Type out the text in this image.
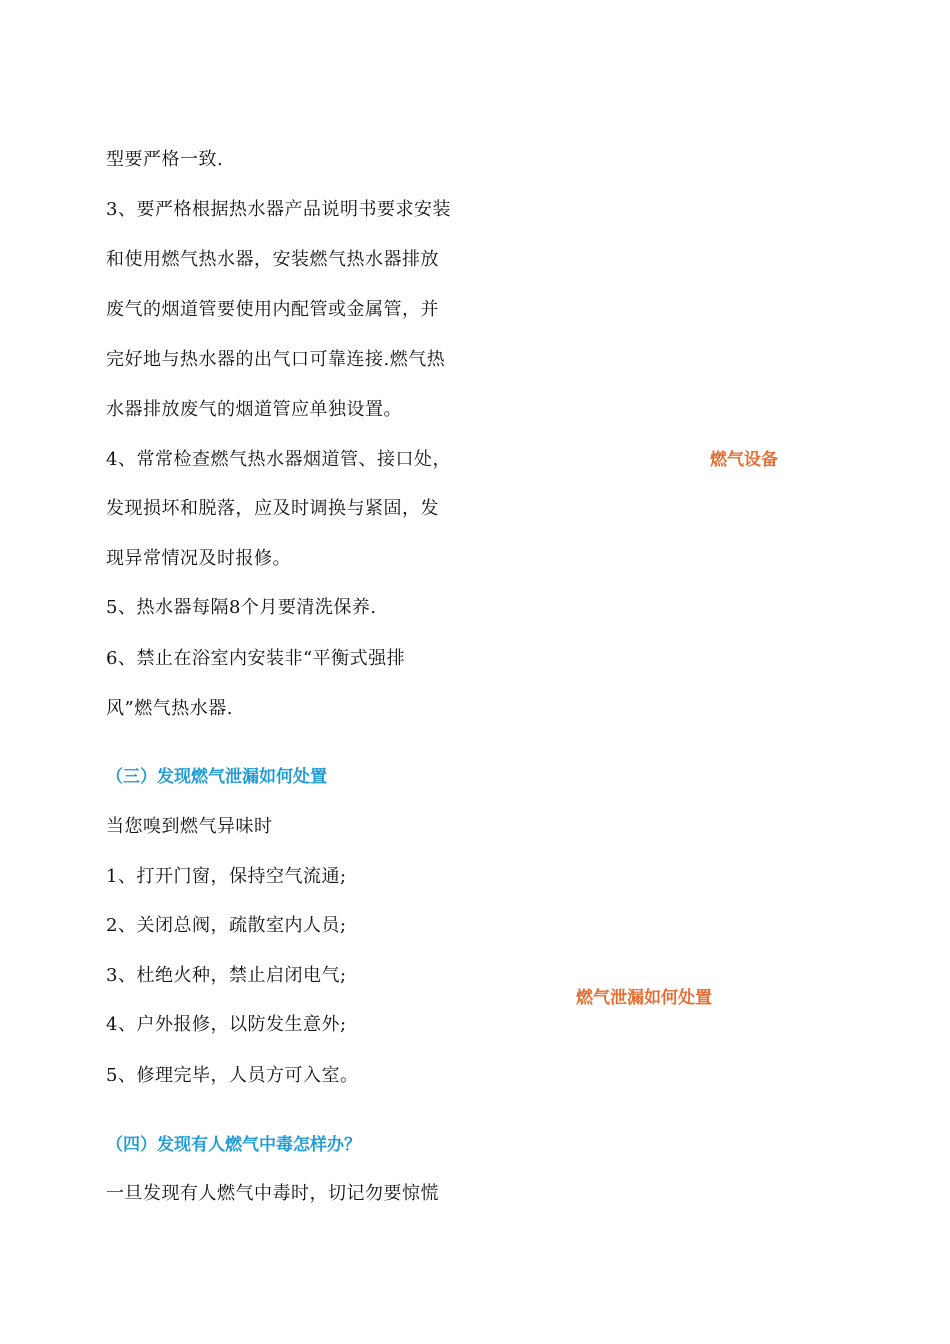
型要严格一致.
3、要严格根据热水器产品说明书要求安装
和使用燃气热水器，安装燃气热水器排放
废气的烟道管要使用内配管或金属管，并
完好地与热水器的出气口可靠连接.燃气热
水器排放废气的烟道管应单独设置。
4、常常检查燃气热水器烟道管、接口处，
发现损坏和脱落，应及时调换与紧固，发
现异常情况及时报修。
5、热水器每隔8个月要清洗保养.
6、禁止在浴室内安装非“平衡式强排
风”燃气热水器.
燃气设备
（三）发现燃气泄漏如何处置
当您嗅到燃气异味时
1、打开门窗，保持空气流通;
2、关闭总阀，疏散室内人员;
3、杜绝火种，禁止启闭电气;
4、户外报修，以防发生意外;
5、修理完毕，人员方可入室。
燃气泄漏如何处置
（四）发现有人燃气中毒怎样办？
一旦发现有人燃气中毒时，切记勿要惊慌
